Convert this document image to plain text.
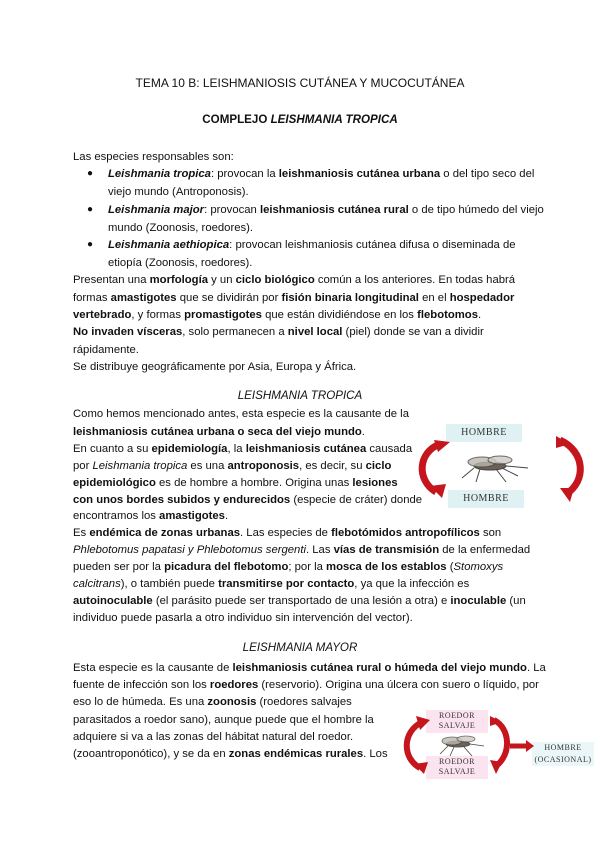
TEMA 10 B: LEISHMANIOSIS CUTÁNEA Y MUCOCUTÁNEA
COMPLEJO LEISHMANIA TROPICA
Las especies responsables son:
● Leishmania tropica: provocan la leishmaniosis cutánea urbana o del tipo seco del
viejo mundo (Antroponosis).
● Leishmania major: provocan leishmaniosis cutánea rural o de tipo húmedo del viejo
mundo (Zoonosis, roedores).
● Leishmania aethiopica: provocan leishmaniosis cutánea difusa o diseminada de
etiopía (Zoonosis, roedores).
Presentan una morfología y un ciclo biológico común a los anteriores. En todas habrá
formas amastigotes que se dividirán por fisión binaria longitudinal en el hospedador
vertebrado, y formas promastigotes que están dividiéndose en los flebotomos.
No invaden vísceras, solo permanecen a nivel local (piel) donde se van a dividir
rápidamente.
Se distribuye geográficamente por Asia, Europa y África.
LEISHMANIA TROPICA
Como hemos mencionado antes, esta especie es la causante de la
leishmaniosis cutánea urbana o seca del viejo mundo.
En cuanto a su epidemiología, la leishmaniosis cutánea causada
por Leishmania tropica es una antroponosis, es decir, su ciclo
epidemiológico es de hombre a hombre. Origina unas lesiones
con unos bordes subidos y endurecidos (especie de cráter) donde
encontramos los amastigotes.
Es endémica de zonas urbanas. Las especies de flebotómidos antropofílicos son
Phlebotomus papatasi y Phlebotomus sergenti. Las vías de transmisión de la enfermedad
pueden ser por la picadura del flebotomo; por la mosca de los establos (Stomoxys
calcitrans), o también puede transmitirse por contacto, ya que la infección es
autoinoculable (el parásito puede ser transportado de una lesión a otra) e inoculable (un
individuo puede pasarla a otro individuo sin intervención del vector).
HOMBRE
HOMBRE
LEISHMANIA MAYOR
Esta especie es la causante de leishmaniosis cutánea rural o húmeda del viejo mundo. La
fuente de infección son los roedores (reservorio). Origina una úlcera con suero o líquido, por
eso lo de húmeda. Es una zoonosis (roedores salvajes
parasitados a roedor sano), aunque puede que el hombre la
adquiere si va a las zonas del hábitat natural del roedor.
(zooantroponótico), y se da en zonas endémicas rurales. Los
ROEDOR SALVAJE
ROEDOR SALVAJE
HOMBRE
(OCASIONAL)
